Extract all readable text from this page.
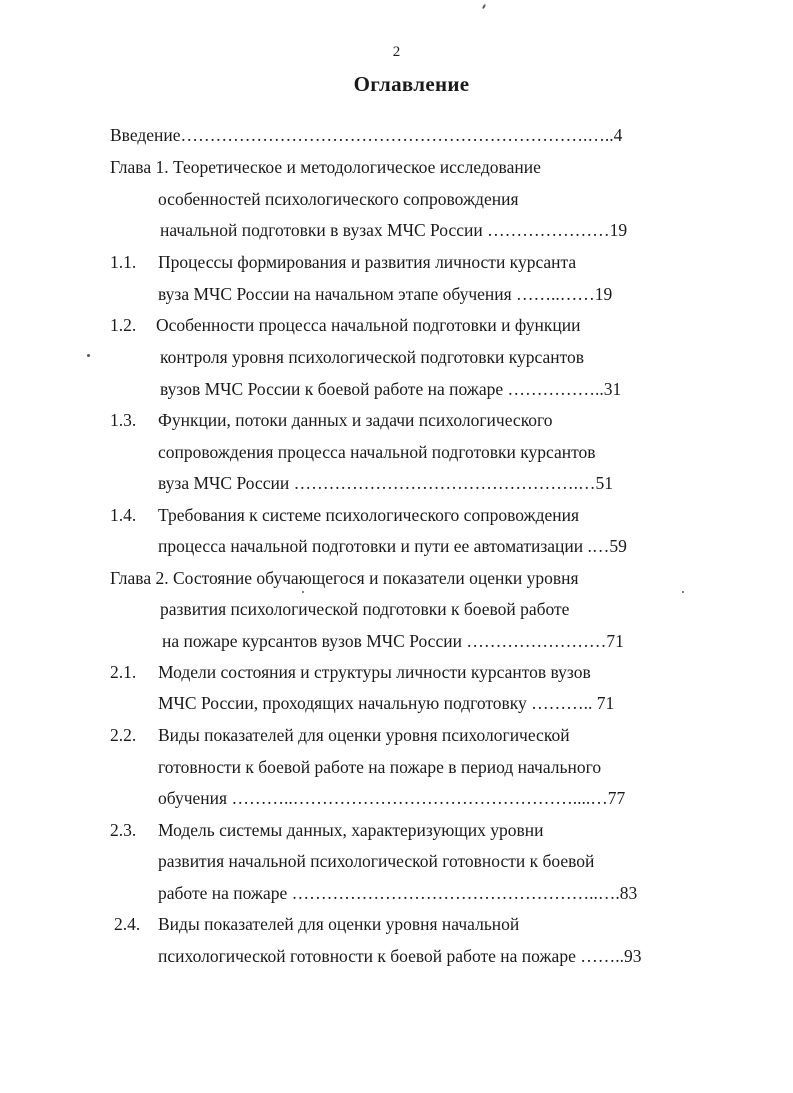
2
Оглавление
Введение…………………………………………………………….…..4
Глава 1. Теоретическое и методологическое исследование
особенностей психологического сопровождения
начальной подготовки в вузах МЧС России …………………19
1.1. Процессы формирования и развития личности курсанта
вуза МЧС России на начальном этапе обучения ……..……19
1.2. Особенности процесса начальной подготовки и функции
контроля уровня психологической подготовки курсантов
вузов МЧС России к боевой работе на пожаре ……………..31
1.3. Функции, потоки данных и задачи психологического
сопровождения процесса начальной подготовки курсантов
вуза МЧС России ………………………………………….…51
1.4. Требования к системе психологического сопровождения
процесса начальной подготовки и пути ее автоматизации .…59
Глава 2. Состояние обучающегося и показатели оценки уровня
развития психологической подготовки к боевой работе
на пожаре курсантов вузов МЧС России ……………………71
2.1. Модели состояния и структуры личности курсантов вузов
МЧС России, проходящих начальную подготовку ……….. 71
2.2. Виды показателей для оценки уровня психологической
готовности к боевой работе на пожаре в период начального
обучения ………..…………………………………………....…77
2.3. Модель системы данных, характеризующих уровни
развития начальной психологической готовности к боевой
работе на пожаре ……………………………………………..….83
2.4. Виды показателей для оценки уровня начальной
психологической готовности к боевой работе на пожаре ……..93
